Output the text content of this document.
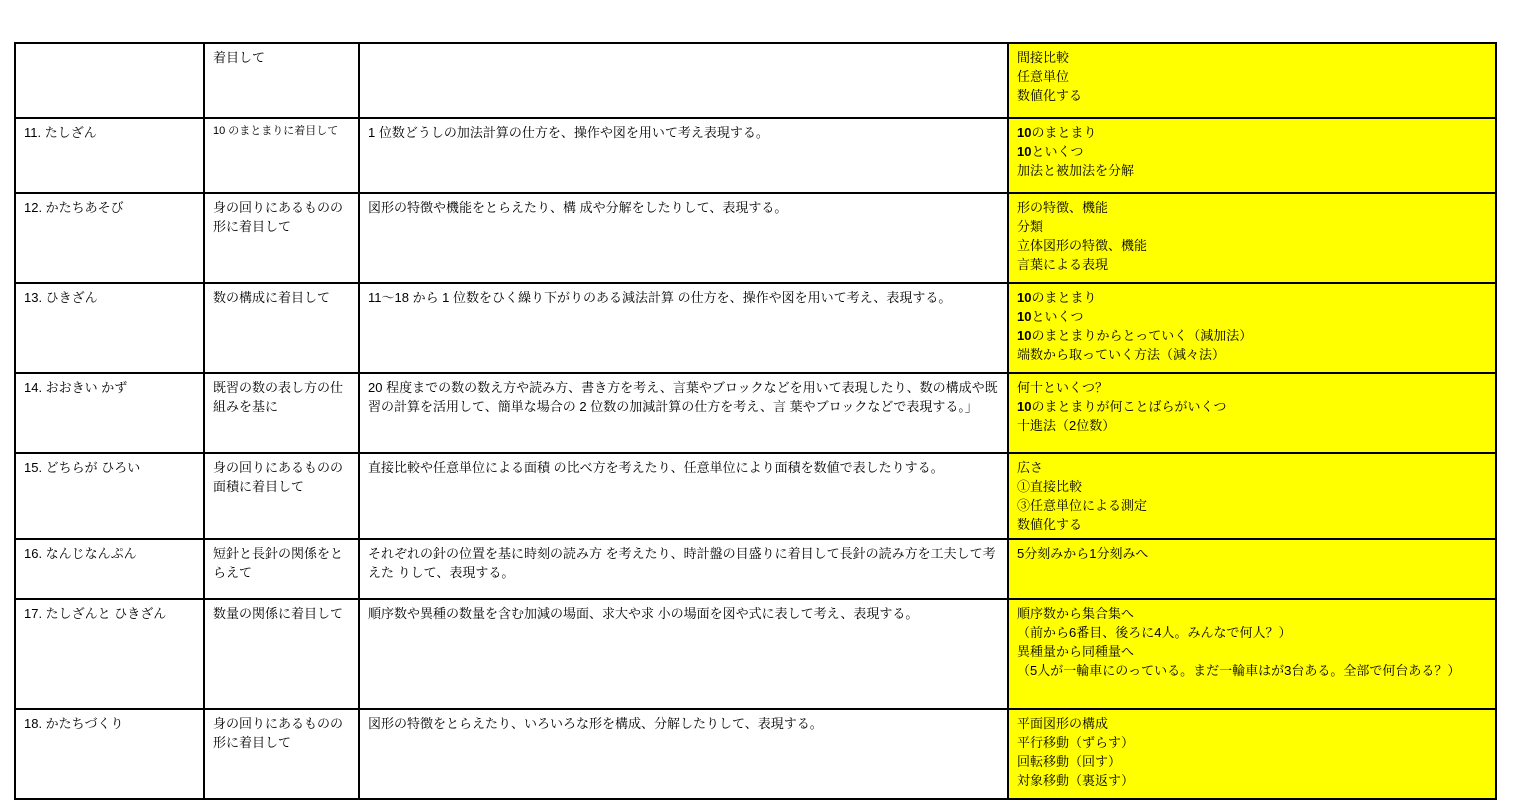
	着目して		間接比較
任意単位
数値化する

11. たしざん	10 のまとまりに着目して	1 位数どうしの加法計算の仕方を、操作や図を用いて考え表現する。	10のまとまり
10といくつ
加法と被加法を分解

12. かたちあそび	身の回りにあるものの形に着目して	図形の特徴や機能をとらえたり、構 成や分解をしたりして、表現する。	形の特徴、機能
分類
立体図形の特徴、機能
言葉による表現

13. ひきざん	数の構成に着目して	11～18 から 1 位数をひく繰り下がりのある減法計算 の仕方を、操作や図を用いて考え、表現する。	10のまとまり
10といくつ
10のまとまりからとっていく（減加法）
端数から取っていく方法（減々法）

14. おおきい かず	既習の数の表し方の仕組みを基に	20 程度までの数の数え方や読み方、書き方を考え、言葉やブロックなどを用いて表現したり、数の構成や既 習の計算を活用して、簡単な場合の 2 位数の加減計算の仕方を考え、言 葉やブロックなどで表現する。」	何十といくつ？
10のまとまりが何ことばらがいくつ
十進法（2位数）

15. どちらが ひろい	身の回りにあるものの面積に着目して	直接比較や任意単位による面積 の比べ方を考えたり、任意単位により面積を数値で表したりする。	広さ
①直接比較
③任意単位による測定
数値化する

16. なんじなんぷん	短針と長針の関係をとらえて	それぞれの針の位置を基に時刻の読み方 を考えたり、時計盤の目盛りに着目して長針の読み方を工夫して考えた りして、表現する。	5分刻みから1分刻みへ

17. たしざんと ひきざん	数量の関係に着目して	順序数や異種の数量を含む加減の場面、求大や求 小の場面を図や式に表して考え、表現する。	順序数から集合集へ
（前から6番目、後ろに4人。みんなで何人？）
異種量から同種量へ
（5人が一輪車にのっている。まだ一輪車はが3台ある。全部で何台ある？）

18. かたちづくり	身の回りにあるものの形に着目して	図形の特徴をとらえたり、いろいろな形を構成、分解したりして、表現する。	平面図形の構成
平行移動（ずらす）
回転移動（回す）
対象移動（裏返す）
